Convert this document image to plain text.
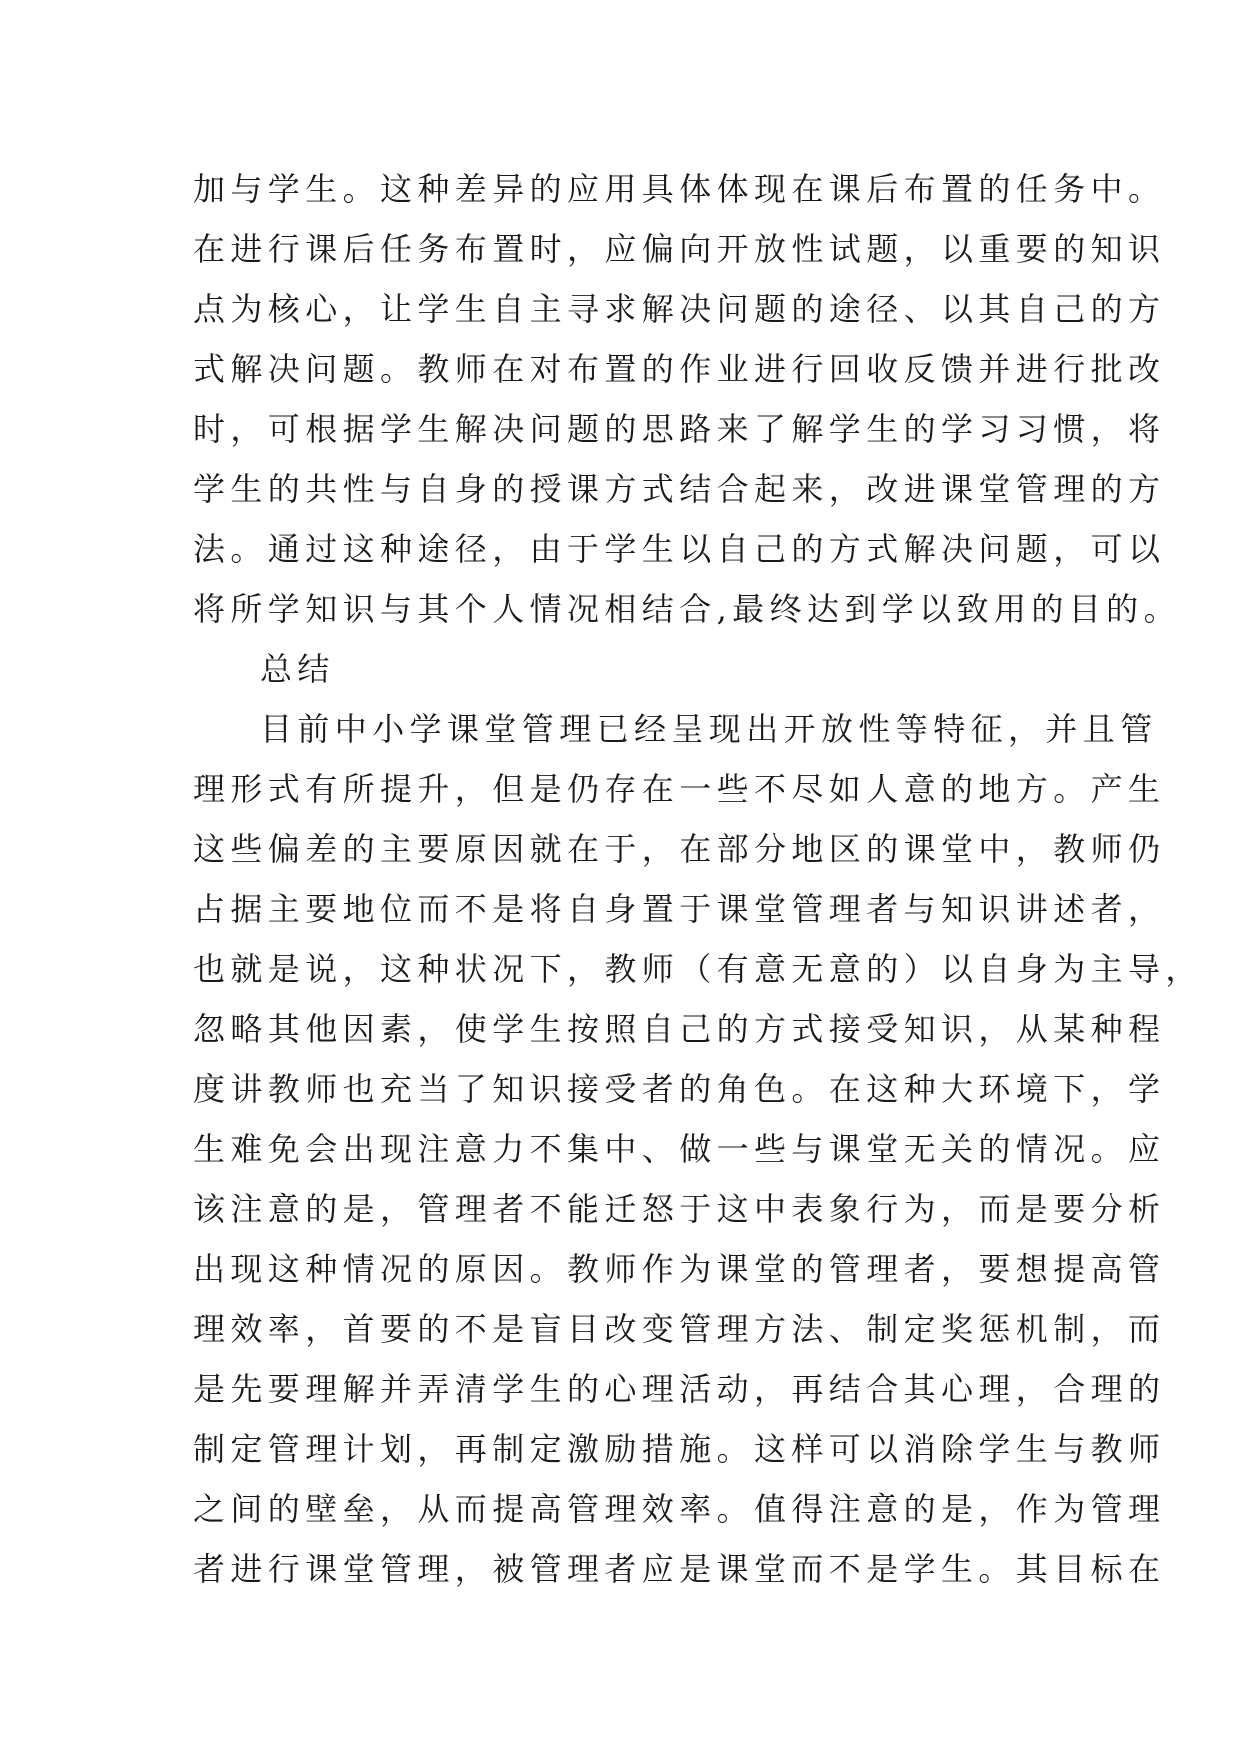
加与学生。这种差异的应用具体体现在课后布置的任务中。
在进行课后任务布置时，应偏向开放性试题，以重要的知识
点为核心，让学生自主寻求解决问题的途径、以其自己的方
式解决问题。教师在对布置的作业进行回收反馈并进行批改
时，可根据学生解决问题的思路来了解学生的学习习惯，将
学生的共性与自身的授课方式结合起来，改进课堂管理的方
法。通过这种途径，由于学生以自己的方式解决问题，可以
将所学知识与其个人情况相结合,最终达到学以致用的目的。
总结
目前中小学课堂管理已经呈现出开放性等特征，并且管
理形式有所提升，但是仍存在一些不尽如人意的地方。产生
这些偏差的主要原因就在于，在部分地区的课堂中，教师仍
占据主要地位而不是将自身置于课堂管理者与知识讲述者，
也就是说，这种状况下，教师（有意无意的）以自身为主导，
忽略其他因素，使学生按照自己的方式接受知识，从某种程
度讲教师也充当了知识接受者的角色。在这种大环境下，学
生难免会出现注意力不集中、做一些与课堂无关的情况。应
该注意的是，管理者不能迁怒于这中表象行为，而是要分析
出现这种情况的原因。教师作为课堂的管理者，要想提高管
理效率，首要的不是盲目改变管理方法、制定奖惩机制，而
是先要理解并弄清学生的心理活动，再结合其心理，合理的
制定管理计划，再制定激励措施。这样可以消除学生与教师
之间的壁垒，从而提高管理效率。值得注意的是，作为管理
者进行课堂管理，被管理者应是课堂而不是学生。其目标在
